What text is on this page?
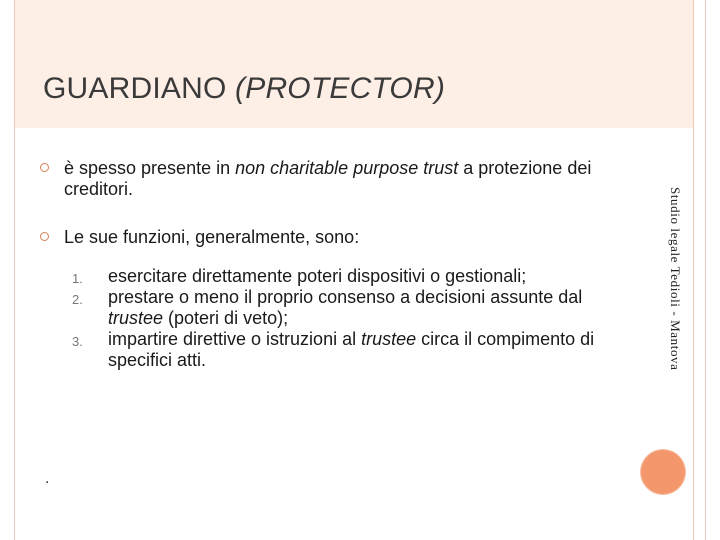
GUARDIANO (PROTECTOR)
è spesso presente in non charitable purpose trust a protezione dei creditori.
Le sue funzioni, generalmente, sono:
1. esercitare direttamente poteri dispositivi o gestionali;
2. prestare o meno il proprio consenso a decisioni assunte dal trustee (poteri di veto);
3. impartire direttive o istruzioni al trustee circa il compimento di specifici atti.	Studio legale Tedioli - Mantova
.
